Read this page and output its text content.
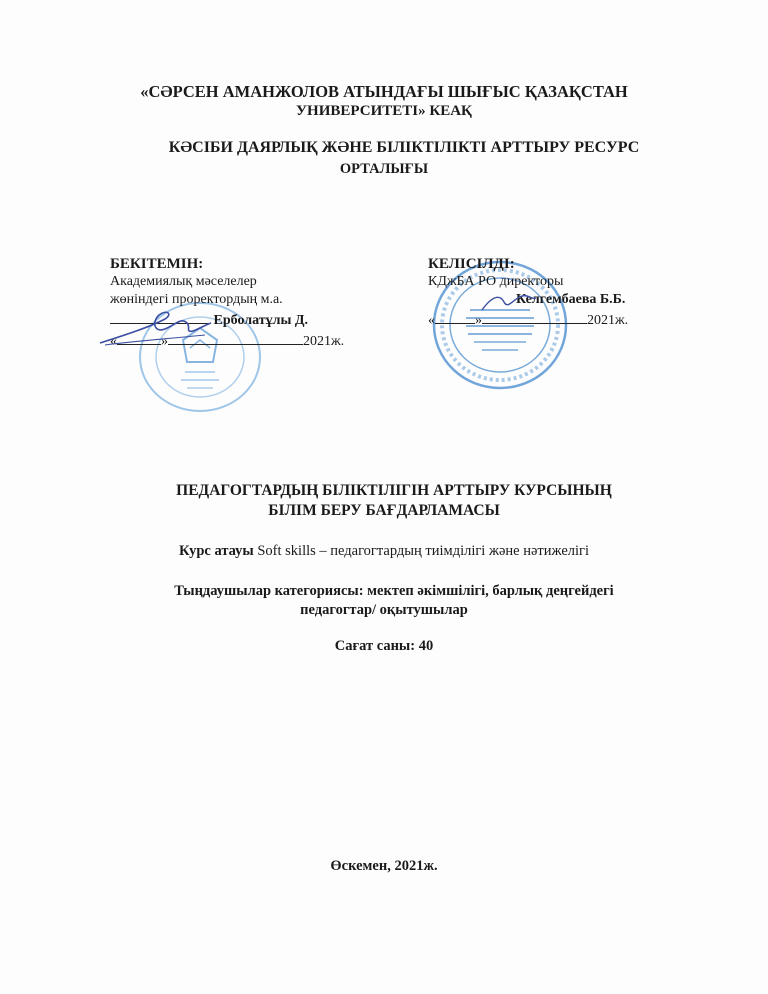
«СӘРСЕН АМАНЖОЛОВ АТЫНДАҒЫ ШЫҒЫС ҚАЗАҚСТАН
УНИВЕРСИТЕТІ» КЕАҚ
КӘСІБИ ДАЯРЛЫҚ ЖӘНЕ БІЛІКТІЛІКТІ АРТТЫРУ РЕСУРС
ОРТАЛЫҒЫ
БЕКІТЕМІН:
Академиялық мәселелер
жөніндегі проректордың м.а.
Ерболатұлы Д.
«	»	2021ж.
КЕЛІСІЛДІ:
КДжБА РО директоры
Келгембаева Б.Б.
«	»	2021ж.
ПЕДАГОГТАРДЫҢ БІЛІКТІЛІГІН АРТТЫРУ КУРСЫНЫҢ
БІЛІМ БЕРУ БАҒДАРЛАМАСЫ
Курс атауы Soft skills – педагогтардың тиімділігі және нәтижелігі
Тыңдаушылар категориясы: мектеп әкімшілігі, барлық деңгейдегі
педагогтар/ оқытушылар
Сағат саны: 40
Өскемен, 2021ж.
